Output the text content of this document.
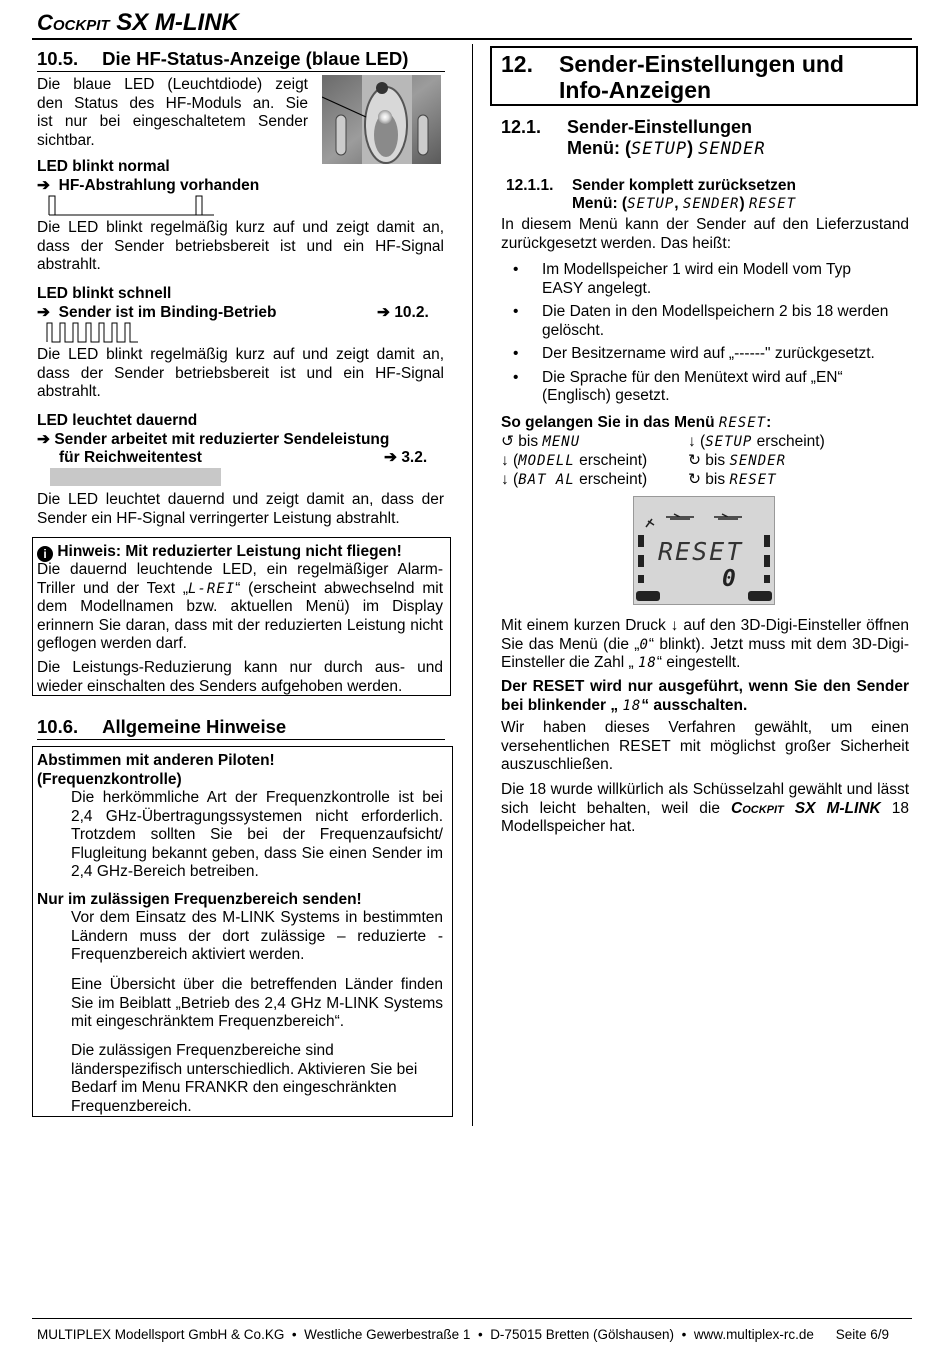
Cockpit SX M-LINK
10.5. Die HF-Status-Anzeige (blaue LED)
Die blaue LED (Leuchtdiode) zeigt
den Status des HF-Moduls an. Sie
ist nur bei eingeschaltetem Sender
sichtbar.
LED blinkt normal
➔ HF-Abstrahlung vorhanden

Die LED blinkt regelmäßig kurz auf und zeigt damit an, dass der Sender betriebsbereit ist und ein HF-Signal abstrahlt.

LED blinkt schnell
➔ Sender ist im Binding-Betrieb	➔ 10.2.

Die LED blinkt regelmäßig kurz auf und zeigt damit an, dass der Sender betriebsbereit ist und ein HF-Signal abstrahlt.

LED leuchtet dauernd
➔ Sender arbeitet mit reduzierter Sendeleistung
für Reichweitentest	➔ 3.2.

Die LED leuchtet dauernd und zeigt damit an, dass der Sender ein HF-Signal verringerter Leistung abstrahlt.

i Hinweis: Mit reduzierter Leistung nicht fliegen!

Die dauernd leuchtende LED, ein regelmäßiger Alarm-Triller und der Text „L-REI“ (erscheint abwechselnd mit dem Modellnamen bzw. aktuellen Menü) im Display erinnern Sie daran, dass mit der reduzierten Leistung nicht geflogen werden darf.

Die Leistungs-Reduzierung kann nur durch aus- und wieder einschalten des Senders aufgehoben werden.

10.6. Allgemeine Hinweise
Abstimmen mit anderen Piloten!
(Frequenzkontrolle)

Die herkömmliche Art der Frequenzkontrolle ist bei 2,4 GHz-Übertragungssystemen nicht erforderlich. Trotzdem sollten Sie bei der Frequenzaufsicht/ Flugleitung bekannt geben, dass Sie einen Sender im 2,4 GHz-Bereich betreiben.

Nur im zulässigen Frequenzbereich senden!

Vor dem Einsatz des M-LINK Systems in bestimmten Ländern muss der dort zulässige – reduzierte - Frequenzbereich aktiviert werden.

Eine Übersicht über die betreffenden Länder finden Sie im Beiblatt „Betrieb des 2,4 GHz M-LINK Systems mit eingeschränktem Frequenzbereich“.

Die zulässigen Frequenzbereiche sind länderspezifisch unterschiedlich. Aktivieren Sie bei Bedarf im Menu FRANKR den eingeschränkten Frequenzbereich.

12. Sender-Einstellungen und
Info-Anzeigen
12.1. Sender-Einstellungen
Menü: (SETUP) SENDER
12.1.1. Sender komplett zurücksetzen
Menü: (SETUP, SENDER) RESET

In diesem Menü kann der Sender auf den Lieferzustand zurückgesetzt werden. Das heißt:

• Im Modellspeicher 1 wird ein Modell vom Typ EASY angelegt.
• Die Daten in den Modellspeichern 2 bis 18 werden gelöscht.
• Der Besitzername wird auf „------" zurückgesetzt.
• Die Sprache für den Menütext wird auf „EN“ (Englisch) gesetzt.
So gelangen Sie in das Menü RESET:
↺ bis MENU	↓ (SETUP erscheint)
↓ (MODELL erscheint)	↻ bis SENDER
↓ (BAT AL erscheint)	↻ bis RESET
RESET
0

Mit einem kurzen Druck ↓ auf den 3D-Digi-Einsteller öffnen Sie das Menü (die „0“ blinkt). Jetzt muss mit dem 3D-Digi-Einsteller die Zahl „ 18“ eingestellt.

Der RESET wird nur ausgeführt, wenn Sie den Sender bei blinkender „ 18“ ausschalten.

Wir haben dieses Verfahren gewählt, um einen versehentlichen RESET mit möglichst großer Sicherheit auszuschließen.

Die 18 wurde willkürlich als Schüsselzahl gewählt und lässt sich leicht behalten, weil die Cockpit SX M-LINK 18 Modellspeicher hat.

MULTIPLEX Modellsport GmbH & Co.KG • Westliche Gewerbestraße 1 • D-75015 Bretten (Gölshausen) • www.multiplex-rc.de Seite 6/9
